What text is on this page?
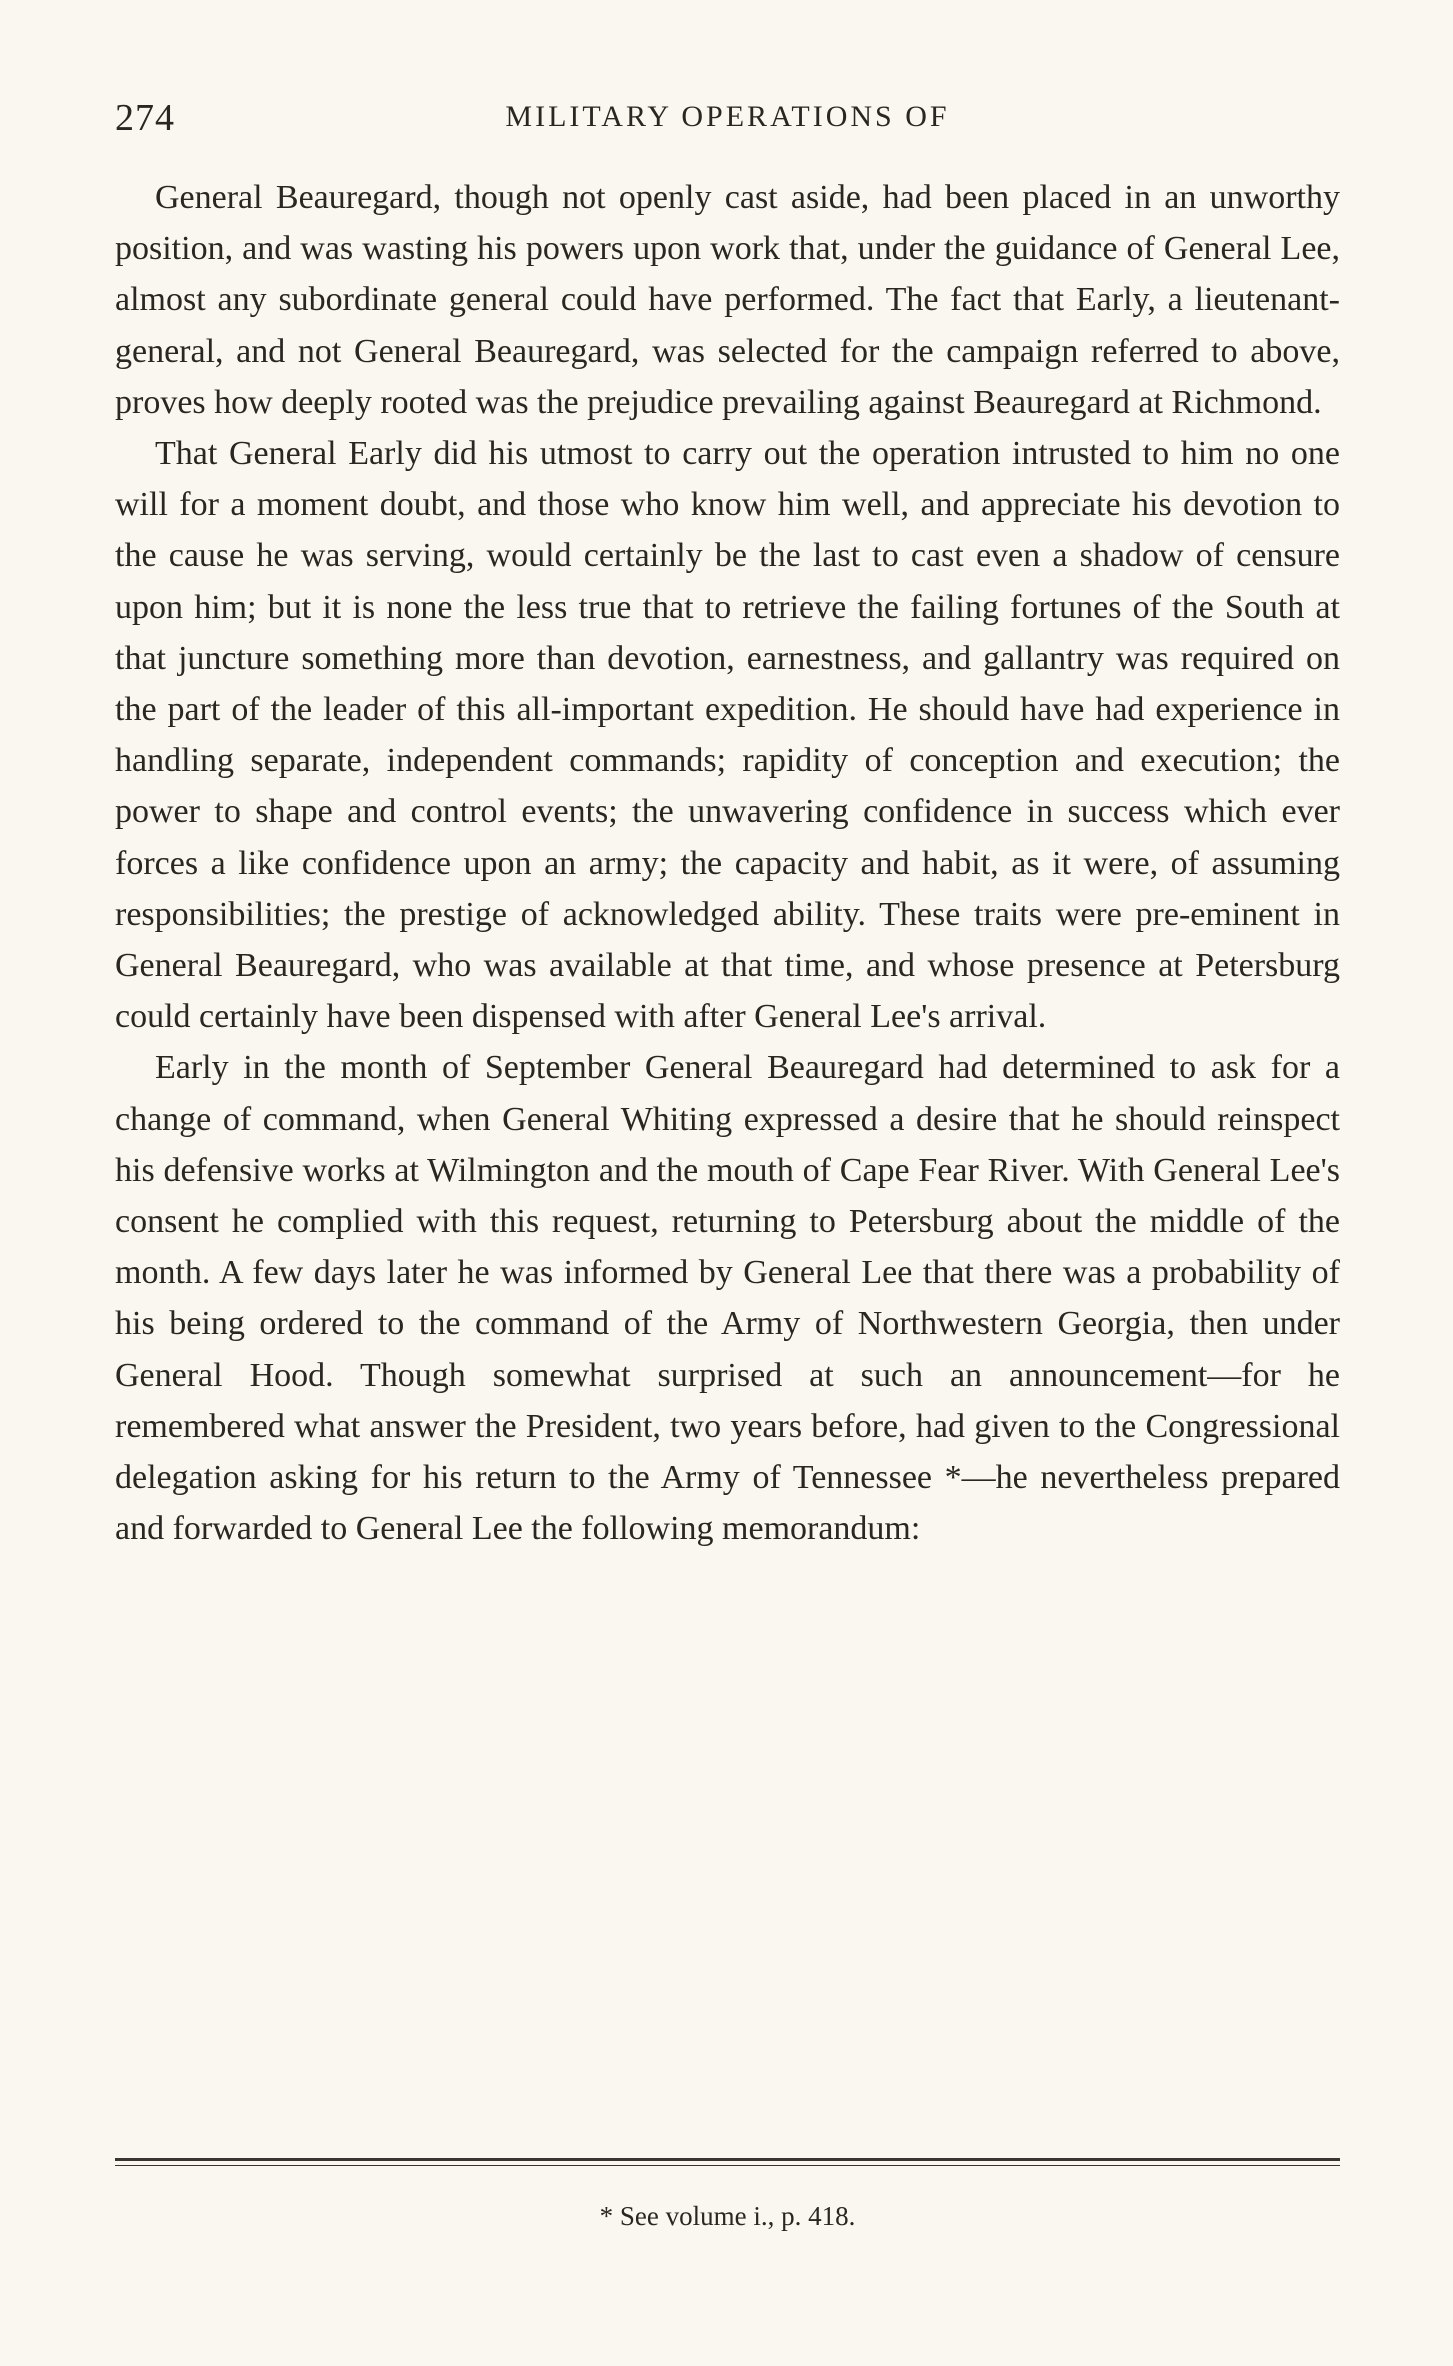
274	MILITARY OPERATIONS OF

General Beauregard, though not openly cast aside, had been placed in an unworthy position, and was wasting his powers upon work that, under the guidance of General Lee, almost any subordinate general could have performed. The fact that Early, a lieutenant-general, and not General Beauregard, was selected for the campaign referred to above, proves how deeply rooted was the prejudice prevailing against Beauregard at Richmond.

That General Early did his utmost to carry out the operation intrusted to him no one will for a moment doubt, and those who know him well, and appreciate his devotion to the cause he was serving, would certainly be the last to cast even a shadow of censure upon him; but it is none the less true that to retrieve the failing fortunes of the South at that juncture something more than devotion, earnestness, and gallantry was required on the part of the leader of this all-important expedition. He should have had experience in handling separate, independent commands; rapidity of conception and execution; the power to shape and control events; the unwavering confidence in success which ever forces a like confidence upon an army; the capacity and habit, as it were, of assuming responsibilities; the prestige of acknowledged ability. These traits were pre-eminent in General Beauregard, who was available at that time, and whose presence at Petersburg could certainly have been dispensed with after General Lee's arrival.

Early in the month of September General Beauregard had determined to ask for a change of command, when General Whiting expressed a desire that he should reinspect his defensive works at Wilmington and the mouth of Cape Fear River. With General Lee's consent he complied with this request, returning to Petersburg about the middle of the month. A few days later he was informed by General Lee that there was a probability of his being ordered to the command of the Army of Northwestern Georgia, then under General Hood. Though somewhat surprised at such an announcement—for he remembered what answer the President, two years before, had given to the Congressional delegation asking for his return to the Army of Tennessee *—he nevertheless prepared and forwarded to General Lee the following memorandum:

* See volume i., p. 418.
